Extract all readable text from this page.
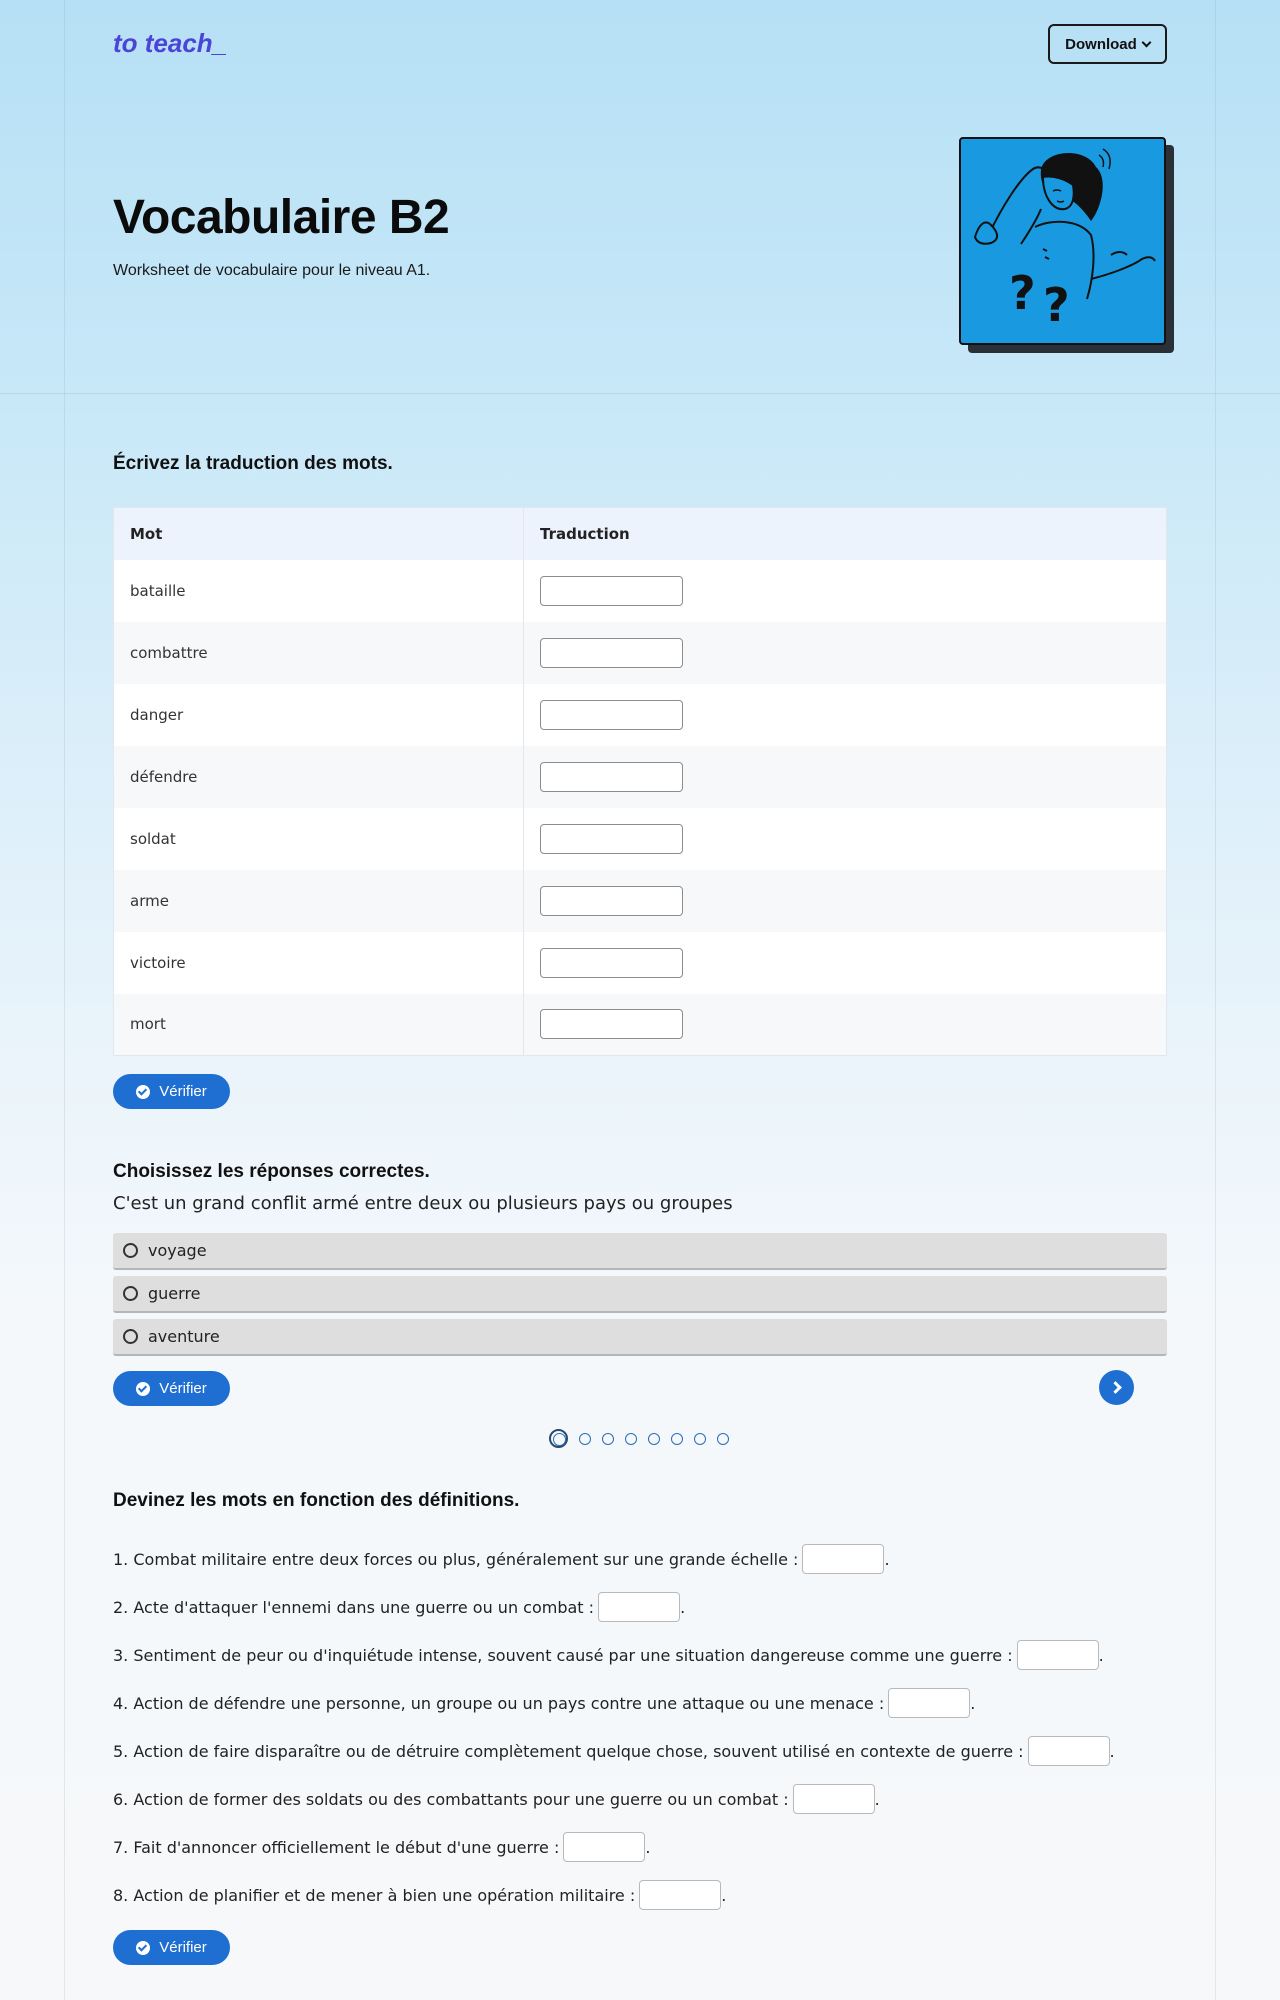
to teach_	Download
Vocabulaire B2

Worksheet de vocabulaire pour le niveau A1.	? ?
Écrivez la traduction des mots.
Mot	Traduction
bataille	
combattre	
danger	
défendre	
soldat	
arme	
victoire	
mort	
Vérifier
Choisissez les réponses correctes.

C'est un grand conflit armé entre deux ou plusieurs pays ou groupes

voyage
guerre
aventure
Vérifier
Devinez les mots en fonction des définitions.
1. Combat militaire entre deux forces ou plus, généralement sur une grande échelle :	.
2. Acte d'attaquer l'ennemi dans une guerre ou un combat :	.
3. Sentiment de peur ou d'inquiétude intense, souvent causé par une situation dangereuse comme une guerre :	.
4. Action de défendre une personne, un groupe ou un pays contre une attaque ou une menace :	.
5. Action de faire disparaître ou de détruire complètement quelque chose, souvent utilisé en contexte de guerre :	.
6. Action de former des soldats ou des combattants pour une guerre ou un combat :	.
7. Fait d'annoncer officiellement le début d'une guerre :	.
8. Action de planifier et de mener à bien une opération militaire :	.
Vérifier
